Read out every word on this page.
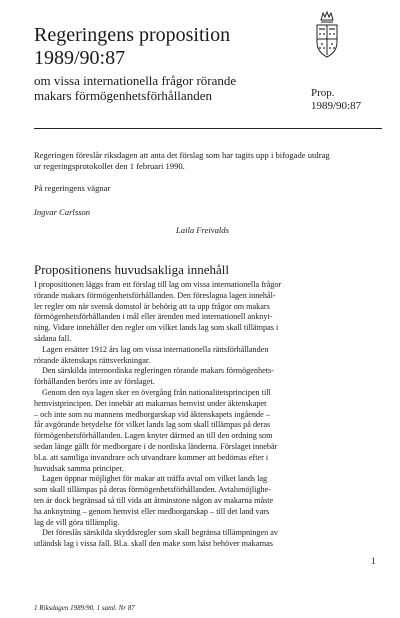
Regeringens proposition
1989/90:87
om vissa internationella frågor rörande
makars förmögenhetsförhållanden	Prop.
1989/90:87
Regeringen föreslår riksdagen att anta det förslag som har tagits upp i bifogade utdrag ur regeringsprotokollet den 1 februari 1990.
På regeringens vägnar
Ingvar Carlsson
Laila Freivalds
Propositionens huvudsakliga innehåll

I propositionen läggs fram ett förslag till lag om vissa internationella frågor
rörande makars förmögenhetsförhållanden. Den föreslagna lagen innehål-
ler regler om när svensk domstol är behörig att ta upp frågor om makars
förmögenhetsförhållanden i mål eller ärenden med internationell anknyt-
ning. Vidare innehåller den regler om vilket lands lag som skall tillämpas i
sådana fall.

Lagen ersätter 1912 års lag om vissa internationella rättsförhållanden
rörande äktenskaps rättsverkningar.

Den särskilda internordiska regleringen rörande makars förmögenhets-
förhållanden berörs inte av förslaget.

Genom den nya lagen sker en övergång från nationalitetsprincipen till
hemvistprincipen. Det innebär att makarnas hemvist under äktenskapet
– och inte som nu mannens medborgarskap vid äktenskapets ingående –
får avgörande betydelse för vilket lands lag som skall tillämpas på deras
förmögenhetsförhållanden. Lagen knyter därmed an till den ordning som
sedan länge gällt för medborgare i de nordiska länderna. Förslaget innebär
bl.a. att samtliga invandrare och utvandrare kommer att bedömas efter i
huvudsak samma principer.

Lagen öppnar möjlighet för makar att träffa avtal om vilket lands lag
som skall tillämpas på deras förmögenhetsförhållanden. Avtalsmöjlighe-
ten är dock begränsad så till vida att åtminstone någon av makarna måste
ha anknytning – genom hemvist eller medborgarskap – till det land vars
lag de vill göra tillämplig.

Det föreslås särskilda skyddsregler som skall begränsa tillämpningen av
utländsk lag i vissa fall. Bl.a. skall den make som bäst behöver makarnas

1
1 Riksdagen 1989/90. 1 saml. Nr 87
